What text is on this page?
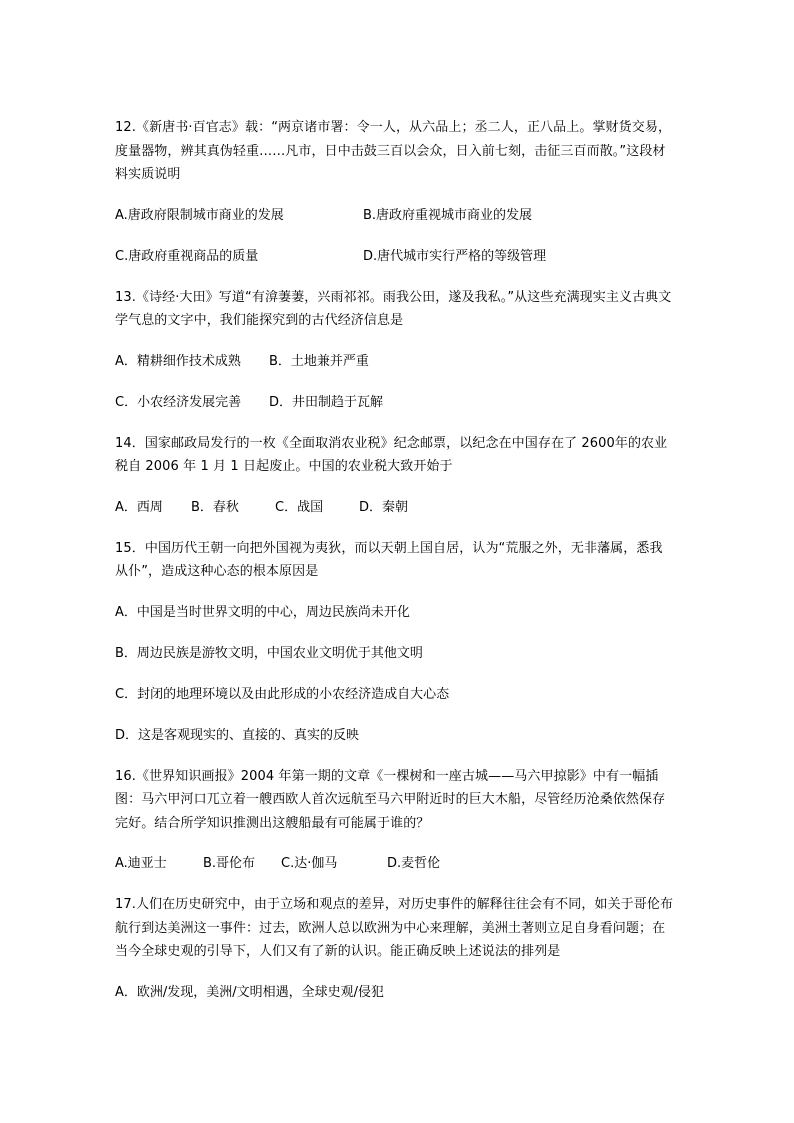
12.《新唐书·百官志》载：“两京诸市署：令一人，从六品上；丞二人，正八品上。掌财货交易，度量器物，辨其真伪轻重……凡市，日中击鼓三百以会众，日入前七刻，击征三百而散。”这段材料实质说明

A.唐政府限制城市商业的发展	B.唐政府重视城市商业的发展
C.唐政府重视商品的质量	D.唐代城市实行严格的等级管理

13.《诗经·大田》写道“有渰萋萋，兴雨祁祁。雨我公田，遂及我私。”从这些充满现实主义古典文学气息的文字中，我们能探究到的古代经济信息是

A．精耕细作技术成熟	B．土地兼并严重
C．小农经济发展完善	D．井田制趋于瓦解

14．国家邮政局发行的一枚《全面取消农业税》纪念邮票，以纪念在中国存在了 2600年的农业税自 2006 年 1 月 1 日起废止。中国的农业税大致开始于

A．西周	B．春秋	C．战国	D．秦朝

15．中国历代王朝一向把外国视为夷狄，而以天朝上国自居，认为“荒服之外，无非藩属，悉我从仆”，造成这种心态的根本原因是

A．中国是当时世界文明的中心，周边民族尚未开化
B．周边民族是游牧文明，中国农业文明优于其他文明
C．封闭的地理环境以及由此形成的小农经济造成自大心态
D．这是客观现实的、直接的、真实的反映

16.《世界知识画报》2004 年第一期的文章《一棵树和一座古城——马六甲掠影》中有一幅插图：马六甲河口兀立着一艘西欧人首次远航至马六甲附近时的巨大木船，尽管经历沧桑依然保存完好。结合所学知识推测出这艘船最有可能属于谁的？

A.迪亚士	B.哥伦布	C.达·伽马	D.麦哲伦

17.人们在历史研究中，由于立场和观点的差异，对历史事件的解释往往会有不同，如关于哥伦布航行到达美洲这一事件：过去，欧洲人总以欧洲为中心来理解，美洲土著则立足自身看问题；在当今全球史观的引导下，人们又有了新的认识。能正确反映上述说法的排列是

A．欧洲/发现，美洲/文明相遇，全球史观/侵犯
